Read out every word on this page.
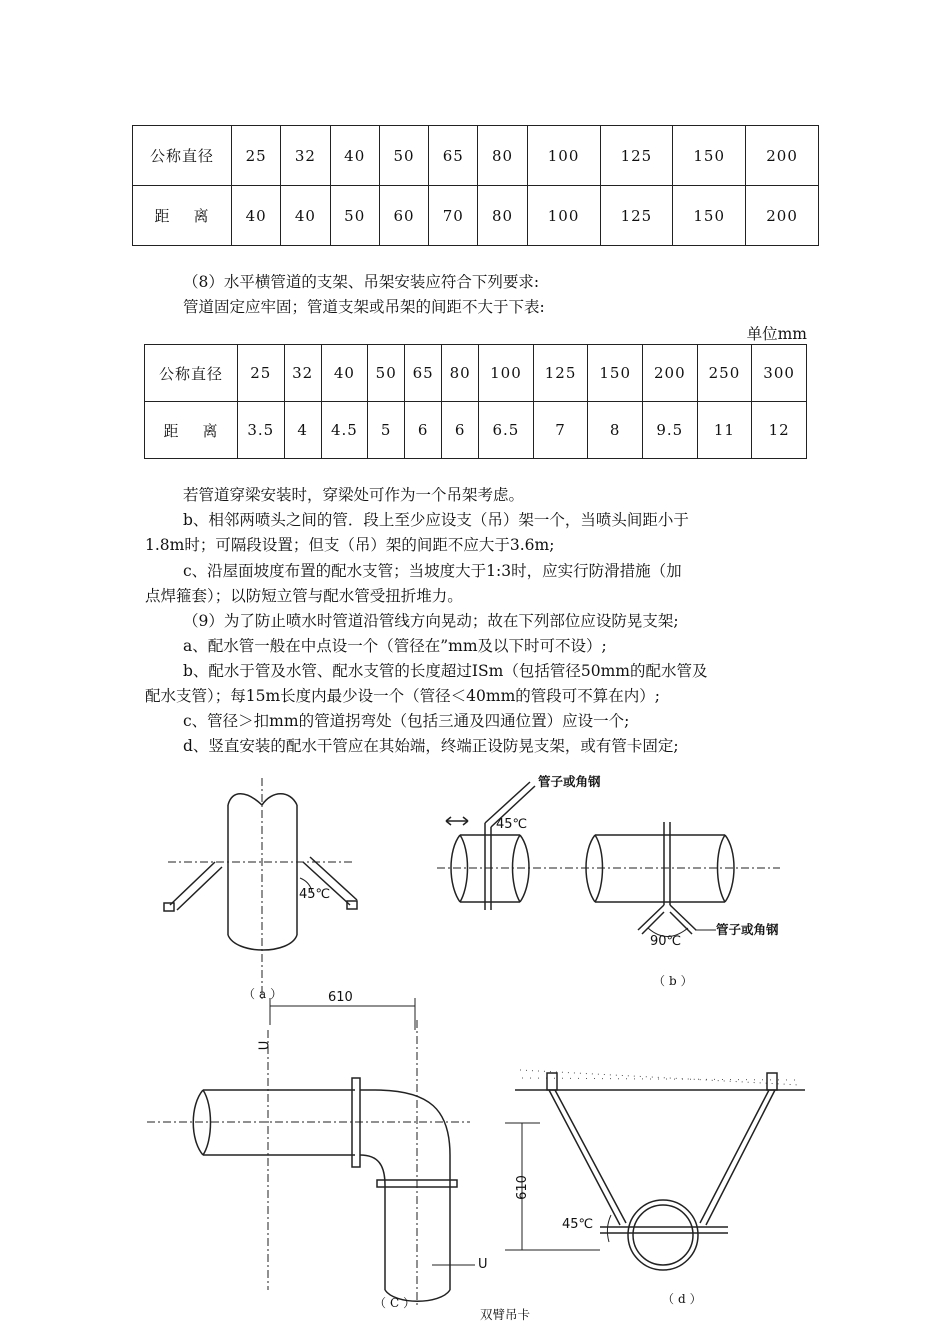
公称直径	25	32	40	50	65	80	100	125	150	200
距    离	40	40	50	60	70	80	100	125	150	200
（8）水平横管道的支架、吊架安装应符合下列要求:
管道固定应牢固；管道支架或吊架的间距不大于下表:
单位mm
公称直径	25	32	40	50	65	80	100	125	150	200	250	300
距    离	3.5	4	4.5	5	6	6	6.5	7	8	9.5	11	12
若管道穿梁安装时，穿梁处可作为一个吊架考虑。
b、相邻两喷头之间的管．段上至少应设支（吊）架一个，当喷头间距小于
1.8m时；可隔段设置；但支（吊）架的间距不应大于3.6m;
c、沿屋面坡度布置的配水支管；当坡度大于1:3时，应实行防滑措施（加
点焊箍套）；以防短立管与配水管受扭折堆力。
（9）为了防止喷水时管道沿管线方向晃动；故在下列部位应设防晃支架;
a、配水管一般在中点设一个（管径在”mm及以下时可不设）;
b、配水于管及水管、配水支管的长度超过ISm（包括管径50mm的配水管及
配水支管）；每15m长度内最少设一个（管径＜40mm的管段可不算在内）;
c、管径＞扣mm的管道拐弯处（包括三通及四通位置）应设一个;
d、竖直安装的配水干管应在其始端，终端正设防晃支架，或有管卡固定;
45℃
（a）
管子或角钢
45℃
90℃
管子或角钢
（b）
610
U
U
（C）
双臂吊卡
610
45℃
（d）
